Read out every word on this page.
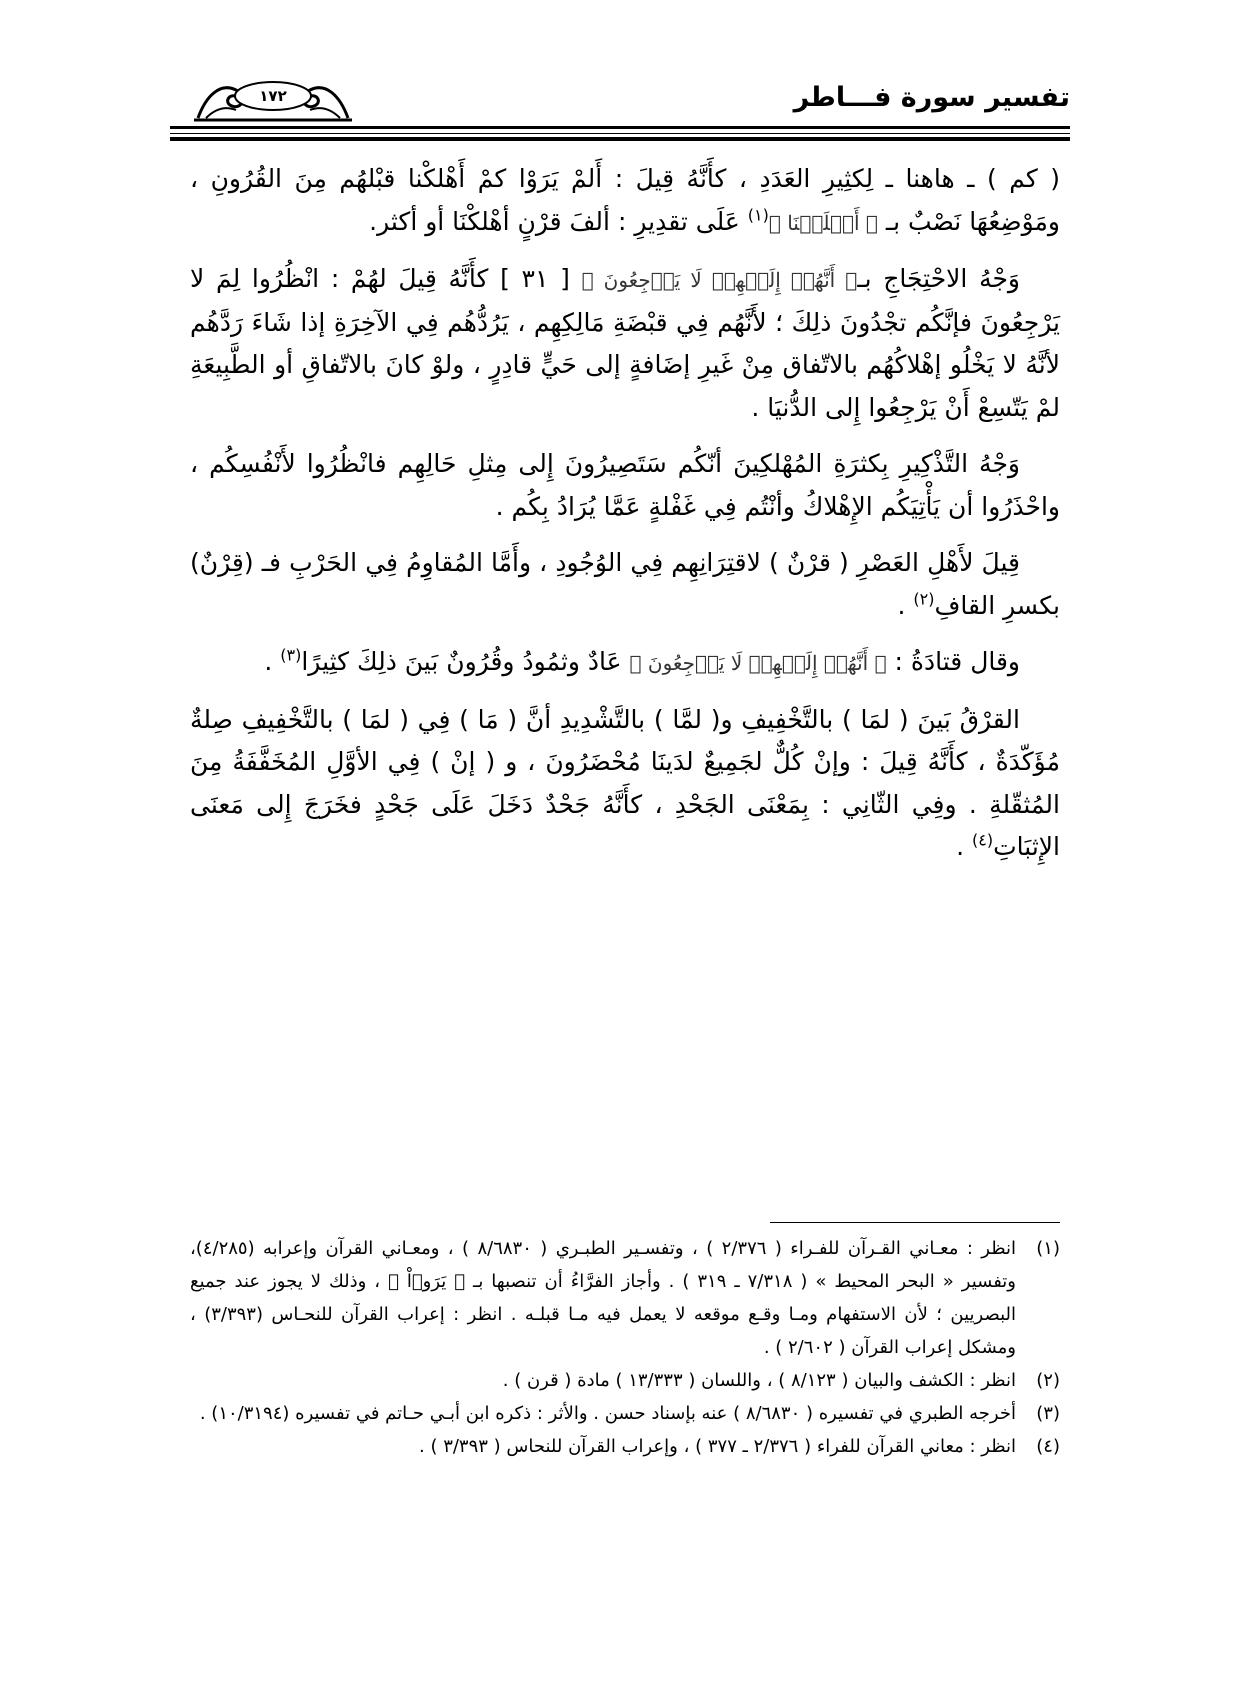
تفسير سورة فـــاطر
١٧٢

( كم ) ـ هاهنا ـ لِكثِيرِ العَدَدِ ، كأَنَّهُ قِيلَ : أَلمْ يَرَوْا كمْ أَهْلكْنا قبْلهُم مِنَ القُرُونِ ، ومَوْضِعُهَا نَصْبٌ بـ ﴿ أَهۡلَكۡنَا ﴾$^{(١)}$ عَلَى تقدِيرِ : ألفَ قرْنٍ أهْلكْنَا أو أكثر.

وَجْهُ الاحْتِجَاجِ بـ﴿ أَنَّهُمۡ إِلَيۡهِمۡ لَا يَرۡجِعُونَ ﴾ [ ٣١ ] كأَنَّهُ قِيلَ لهُمْ : انْظُرُوا لِمَ لا يَرْجِعُونَ فإنَّكُم تجْدُونَ ذلِكَ ؛ لأَنَّهُم فِي قبْضَةِ مَالِكِهِم ، يَرُدُّهُم فِي الآخِرَةِ إذا شَاءَ رَدَّهُم لأنَّهُ لا يَخْلُو إهْلاكُهُم بالاتّفاق مِنْ غَيرِ إضَافةٍ إلى حَيٍّ قادِرٍ ، ولوْ كانَ بالاتّفاقِ أو الطَّبِيعَةِ لمْ يَتّسِعْ أَنْ يَرْجِعُوا إِلى الدُّنيَا .

وَجْهُ التَّذْكِيرِ بِكثرَةِ المُهْلكِينَ أنّكُم سَتَصِيرُونَ إِلى مِثلِ حَالِهِم فانْظُرُوا لأَنْفُسِكُم ، واحْذَرُوا أن يَأْتِيَكُم الإِهْلاكُ وأنْتُم فِي غَفْلةٍ عَمَّا يُرَادُ بِكُم .

قِيلَ لأَهْلِ العَصْرِ ( قرْنٌ ) لاقتِرَانِهِم فِي الوُجُودِ ، وأَمَّا المُقاوِمُ فِي الحَرْبِ فـ (قِرْنٌ) بكسرِ القافِ$^{(٢)}$ .

وقال قتادَةُ : ﴿ أَنَّهُمۡ إِلَيۡهِمۡ لَا يَرۡجِعُونَ ﴾ عَادٌ وثمُودُ وقُرُونٌ بَينَ ذلِكَ كثِيرًا$^{(٣)}$ .

القرْقُ بَينَ ( لمَا ) بالتَّخْفِيفِ و( لمَّا ) بالتَّشْدِيدِ أنَّ ( مَا ) فِي ( لمَا ) بالتَّخْفِيفِ صِلةٌ مُؤَكّدَةٌ ، كأَنَّهُ قِيلَ : وإنْ كُلٌّ لجَمِيعٌ لدَينَا مُحْضَرُونَ ، و ( إنْ ) فِي الأوَّلِ المُخَفَّفَةُ مِنَ المُثقّلةِ . وفِي الثّانِي : بِمَعْنَى الجَحْدِ ، كأَنَّهُ جَحْدٌ دَخَلَ عَلَى جَحْدٍ فخَرَجَ إِلى مَعنَى الإِثبَاتِ$^{(٤)}$ .

(١)
انظر : معـاني القـرآن للفـراء ( ٢/٣٧٦ ) ، وتفسـير الطبـري ( ٨/٦٨٣٠ ) ، ومعـاني القرآن وإعرابه (٤/٢٨٥)، وتفسير « البحر المحيط » ( ٧/٣١٨ ـ ٣١٩ ) . وأجاز الفرَّاءُ أن تنصبها بـ ﴿ يَرَوۡاْ ﴾ ، وذلك لا يجوز عند جميع البصريين ؛ لأن الاستفهام ومـا وقـع موقعه لا يعمل فيه مـا قبلـه . انظر : إعراب القرآن للنحـاس (٣/٣٩٣) ، ومشكل إعراب القرآن ( ٢/٦٠٢ ) .
(٢)
انظر : الكشف والبيان ( ٨/١٢٣ ) ، واللسان ( ١٣/٣٣٣ ) مادة ( قرن ) .
(٣)
أخرجه الطبري في تفسيره ( ٨/٦٨٣٠ ) عنه بإسناد حسن . والأثر : ذكره ابن أبـي حـاتم في تفسيره (١٠/٣١٩٤) .
(٤)
انظر : معاني القرآن للفراء ( ٢/٣٧٦ ـ ٣٧٧ ) ، وإعراب القرآن للنحاس ( ٣/٣٩٣ ) .
